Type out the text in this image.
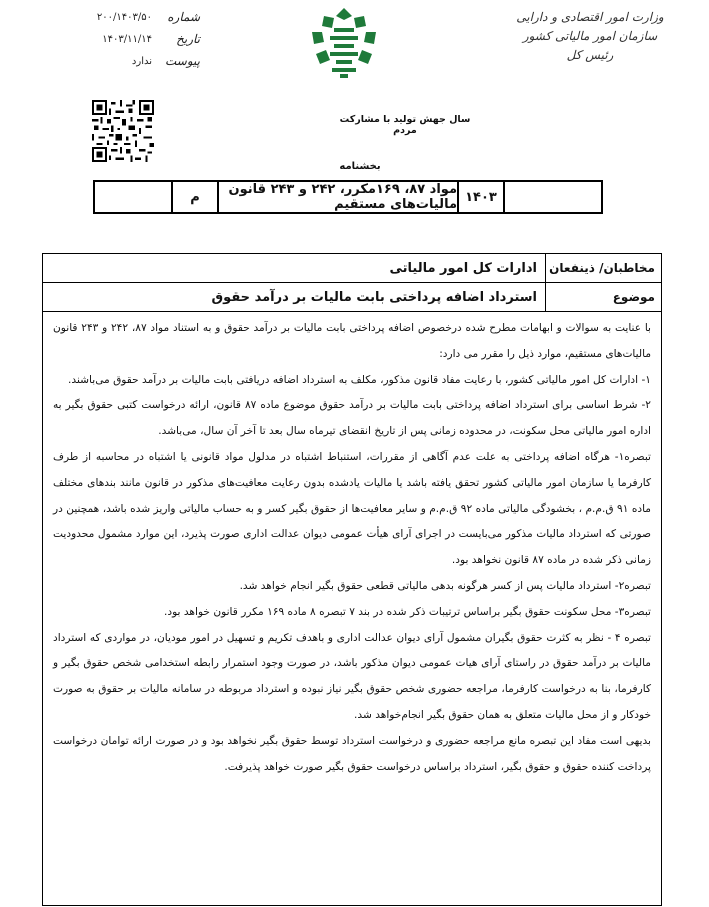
شماره
۲۰۰/۱۴۰۳/۵۰
تاریخ
۱۴۰۳/۱۱/۱۴
پیوست
ندارد
وزارت امور اقتصادی و دارایی
سازمان امور مالیاتی کشور
رئیس کل
سال جهش تولید با مشارکت مردم
بخشنامه
۱۴۰۳
مواد ۸۷، ۱۶۹مکرر، ۲۴۲ و ۲۴۳ قانون مالیات‌های مستقیم
م
مخاطبان/ ذینفعان
ادارات کل امور مالیاتی
موضوع
استرداد اضافه پرداختی بابت مالیات بر درآمد حقوق

با عنایت به سوالات و ابهامات مطرح شده درخصوص اضافه پرداختی بابت مالیات بر درآمد حقوق و به استناد مواد ۸۷، ۲۴۲ و ۲۴۳ قانون مالیات‌های مستقیم، موارد ذیل را مقرر می دارد:

۱- ادارات کل امور مالیاتی کشور، با رعایت مفاد قانون مذکور، مکلف به استرداد اضافه دریافتی بابت مالیات بر درآمد حقوق می‌باشند.

۲- شرط اساسی برای استرداد اضافه پرداختی بابت مالیات بر درآمد حقوق موضوع ماده ۸۷ قانون، ارائه درخواست کتبی حقوق بگیر به اداره امور مالیاتی محل سکونت، در محدوده زمانی پس از تاریخ انقضای تیرماه سال بعد تا آخر آن سال، می‌باشد.

تبصره۱- هرگاه اضافه پرداختی به علت عدم آگاهی از مقررات، استنباط اشتباه در مدلول مواد قانونی یا اشتباه در محاسبه از طرف کارفرما یا سازمان امور مالیاتی کشور تحقق یافته باشد یا مالیات یادشده بدون رعایت معافیت‌های مذکور در قانون مانند بندهای مختلف ماده ۹۱ ق.م.م ، بخشودگی مالیاتی ماده ۹۲ ق.م.م و سایر معافیت‌ها از حقوق بگیر کسر و به حساب مالیاتی واریز شده باشد، همچنین در صورتی که استرداد مالیات مذکور می‌بایست در اجرای آرای هیأت عمومی دیوان عدالت اداری صورت پذیرد، این موارد مشمول محدودیت زمانی ذکر شده در ماده ۸۷ قانون نخواهد بود.

تبصره۲- استرداد مالیات پس از کسر هرگونه بدهی مالیاتی قطعی حقوق بگیر انجام خواهد شد.

تبصره۳- محل سکونت حقوق بگیر براساس ترتیبات ذکر شده در بند ۷ تبصره ۸ ماده ۱۶۹ مکرر قانون خواهد بود.

تبصره ۴ - نظر به کثرت حقوق بگیران مشمول آرای دیوان عدالت اداری و باهدف تکریم و تسهیل در امور مودیان، در مواردی که استرداد مالیات بر درآمد حقوق در راستای آرای هیات عمومی دیوان مذکور باشد، در صورت وجود استمرار رابطه استخدامی شخص حقوق بگیر و کارفرما، بنا به درخواست کارفرما، مراجعه حضوری شخص حقوق بگیر نیاز نبوده و استرداد مربوطه در سامانه مالیات بر حقوق به صورت خودکار و از محل مالیات متعلق به همان حقوق بگیر انجام‌خواهد شد.

بدیهی است مفاد این تبصره مانع مراجعه حضوری و درخواست استرداد توسط حقوق بگیر نخواهد بود و در صورت ارائه توامان درخواست پرداخت کننده حقوق و حقوق بگیر، استرداد براساس درخواست حقوق بگیر صورت خواهد پذیرفت.
